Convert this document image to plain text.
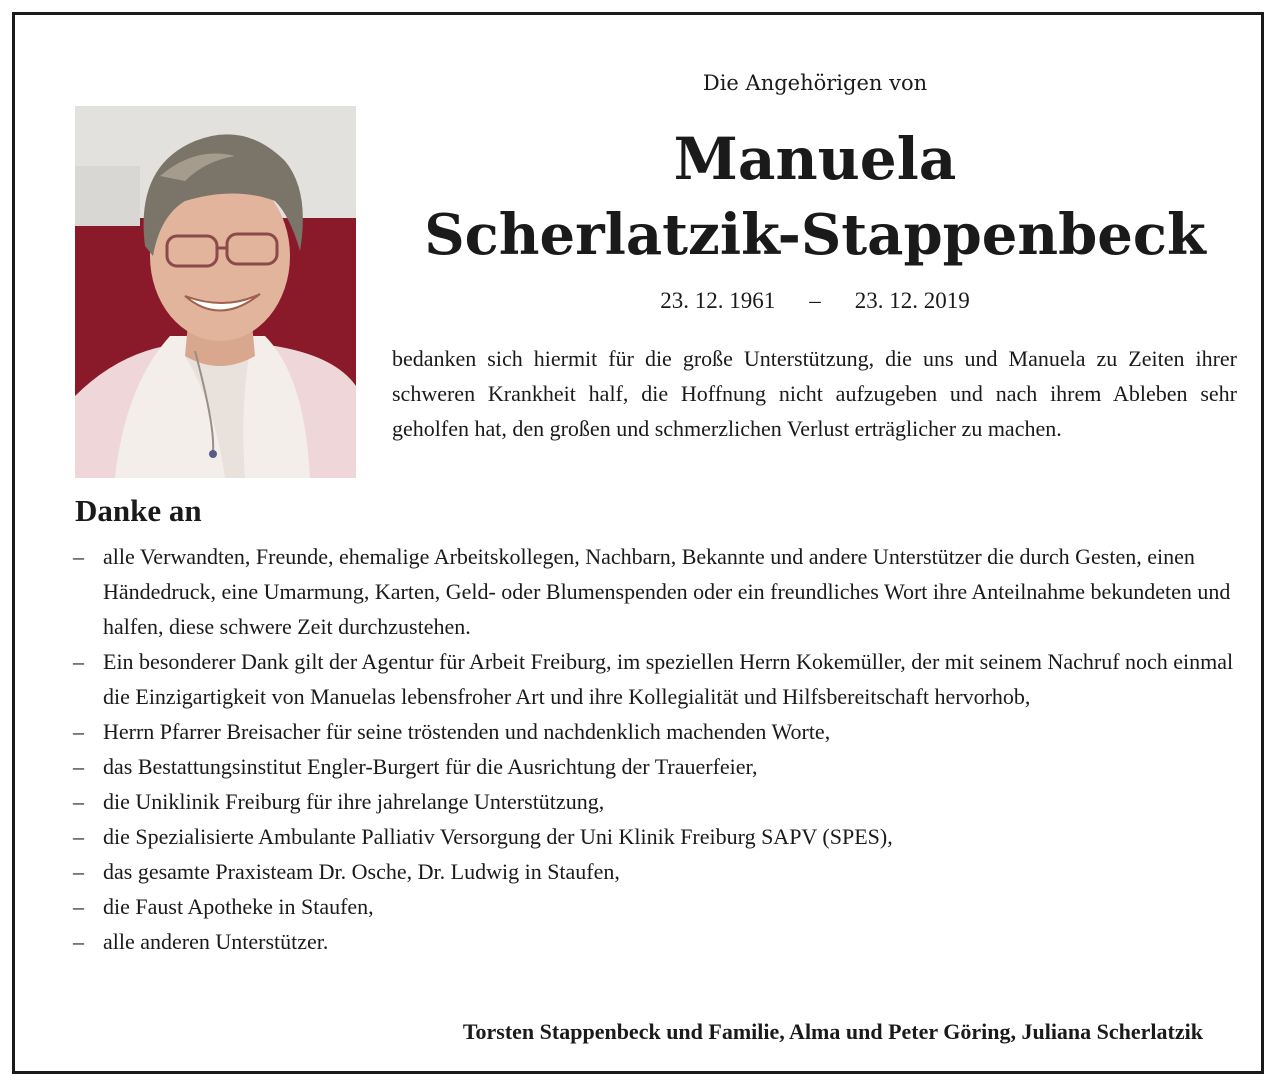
Die Angehörigen von

Manuela
Scherlatzik-Stappenbeck

23. 12. 1961 – 23. 12. 2019

bedanken sich hiermit für die große Unterstützung, die uns und Manuela zu Zeiten ihrer schweren Krankheit half, die Hoffnung nicht aufzugeben und nach ihrem Ableben sehr geholfen hat, den großen und schmerzlichen Verlust erträglicher zu machen.

Danke an
– alle Verwandten, Freunde, ehemalige Arbeitskollegen, Nachbarn, Bekannte und andere Unterstützer die durch Gesten, einen Händedruck, eine Umarmung, Karten, Geld- oder Blumenspenden oder ein freundliches Wort ihre Anteilnahme bekundeten und halfen, diese schwere Zeit durchzustehen.
– Ein besonderer Dank gilt der Agentur für Arbeit Freiburg, im speziellen Herrn Kokemüller, der mit seinem Nachruf noch einmal die Einzigartigkeit von Manuelas lebensfroher Art und ihre Kollegialität und Hilfsbereitschaft hervorhob,
– Herrn Pfarrer Breisacher für seine tröstenden und nachdenklich machenden Worte,
– das Bestattungsinstitut Engler-Burgert für die Ausrichtung der Trauerfeier,
– die Uniklinik Freiburg für ihre jahrelange Unterstützung,
– die Spezialisierte Ambulante Palliativ Versorgung der Uni Klinik Freiburg SAPV (SPES),
– das gesamte Praxisteam Dr. Osche, Dr. Ludwig in Staufen,
– die Faust Apotheke in Staufen,
– alle anderen Unterstützer.

Torsten Stappenbeck und Familie, Alma und Peter Göring, Juliana Scherlatzik
